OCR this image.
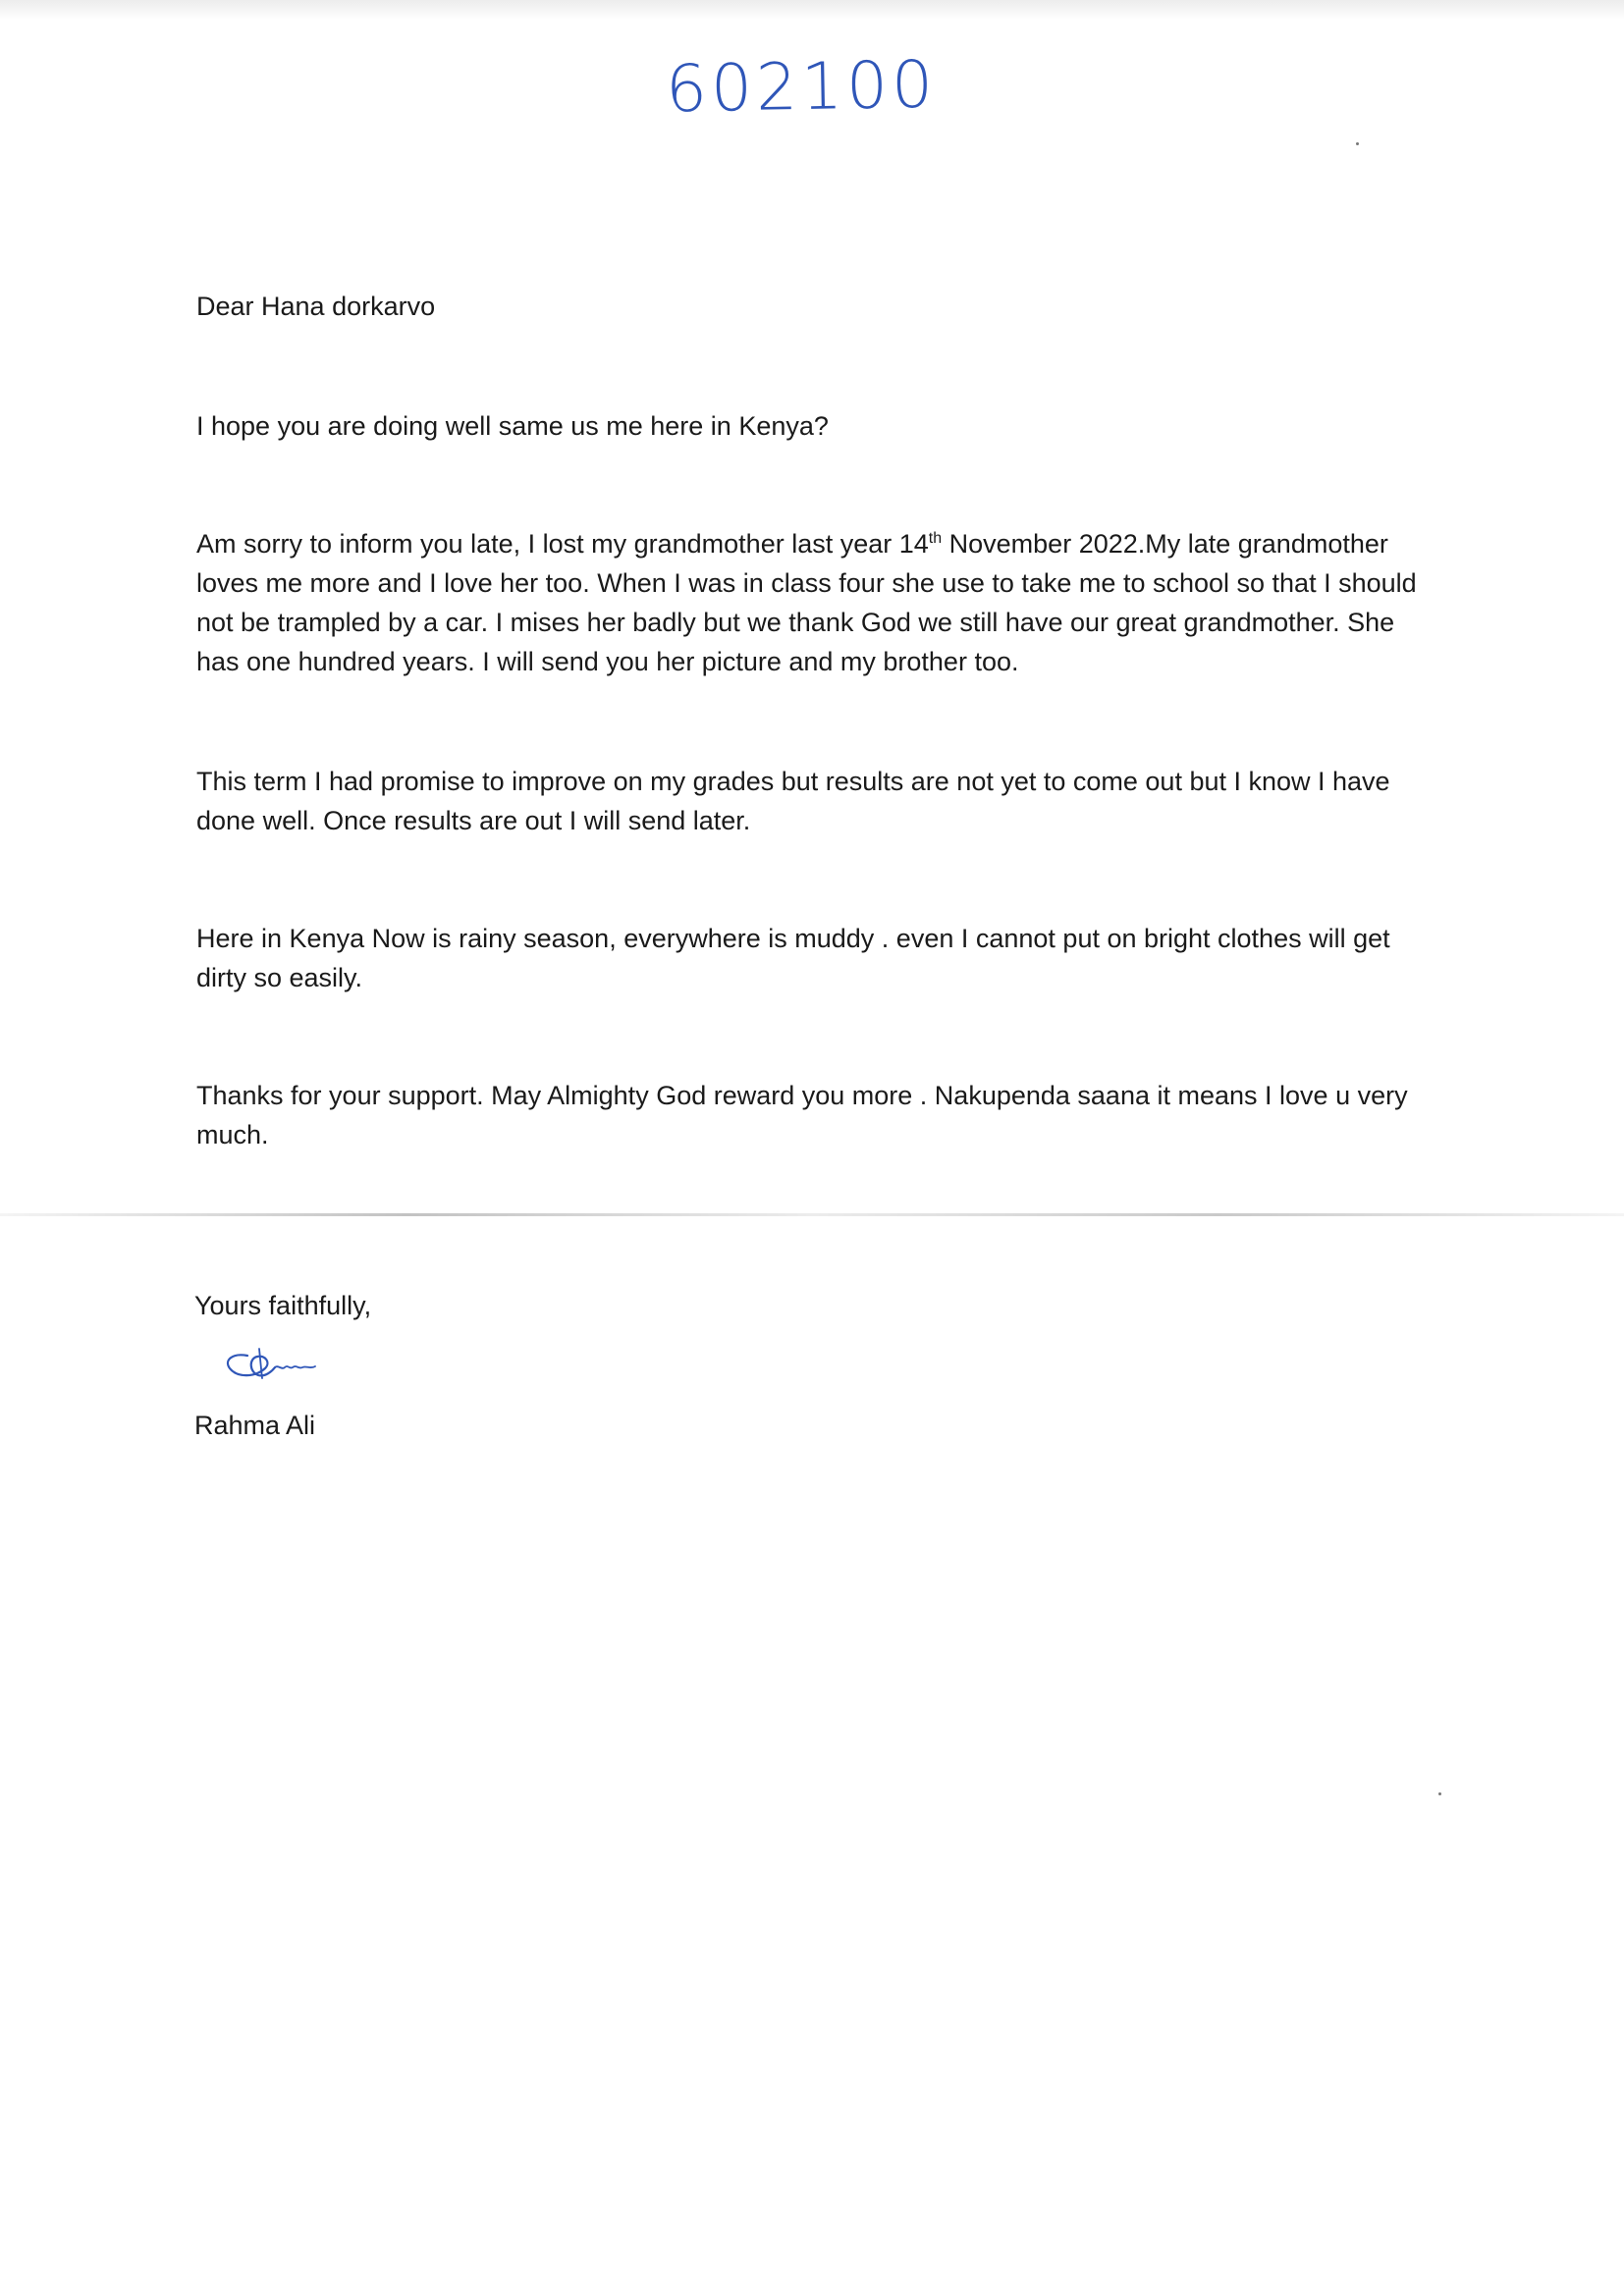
602100
Dear Hana dorkarvo
I hope you are doing well same us me here in Kenya?
Am sorry to inform you late, I lost my grandmother last year 14th November 2022.My late grandmother loves me more and I love her too. When I was in class four she use to take me to school so that I should not be trampled by a car. I mises her badly but we thank God we still have our great grandmother. She has one hundred years. I will send you her picture and my brother too.
This term I had promise to improve on my grades but results are not yet to come out but I know I have done well. Once results are out I will send later.
Here in Kenya Now is rainy season, everywhere is muddy . even I cannot put on bright clothes will get dirty so easily.
Thanks for your support. May Almighty God reward you more . Nakupenda saana it means I love u very much.
Yours faithfully,
Rahma Ali
